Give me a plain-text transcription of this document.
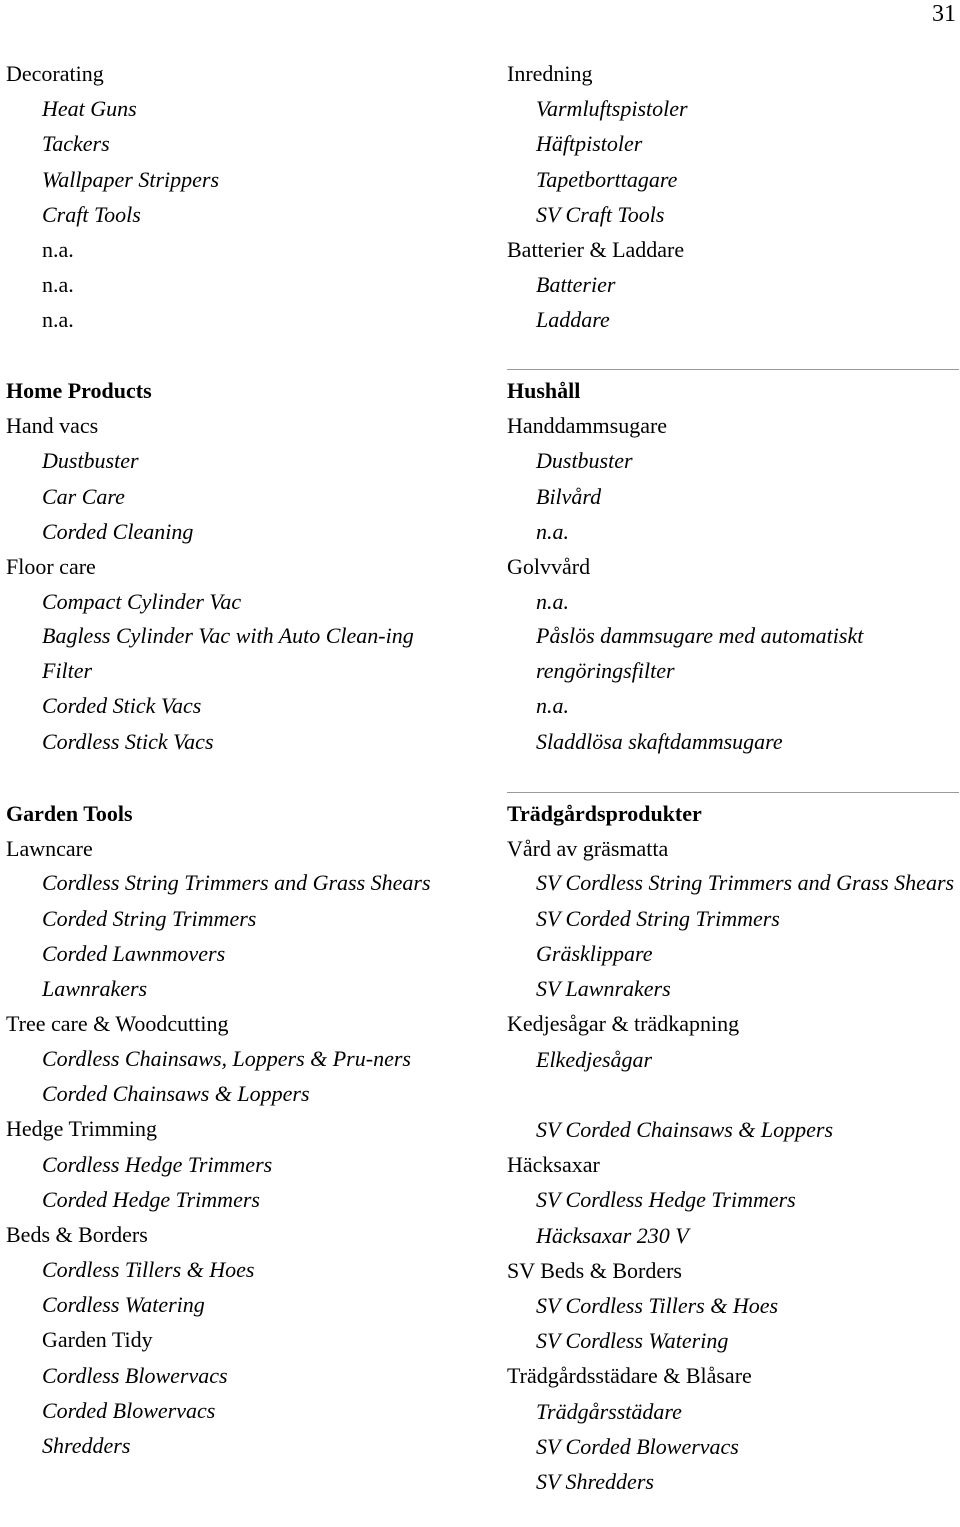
31
Decorating
Heat Guns
Tackers
Wallpaper Strippers
Craft Tools
n.a.
n.a.
n.a.
Inredning
Varmluftspistoler
Häftpistoler
Tapetborttagare
SV Craft Tools
Batterier & Laddare
Batterier
Laddare
Home Products
Hand vacs
Dustbuster
Car Care
Corded Cleaning
Floor care
Compact Cylinder Vac
Bagless Cylinder Vac with Auto Clean-ing Filter
Corded Stick Vacs
Cordless Stick Vacs
Hushåll
Handdammsugare
Dustbuster
Bilvård
n.a.
Golvvård
n.a.
Påslös dammsugare med automatiskt rengöringsfilter
n.a.
Sladdlösa skaftdammsugare
Garden Tools
Lawncare
Cordless String Trimmers and Grass Shears
Corded String Trimmers
Corded Lawnmovers
Lawnrakers
Tree care & Woodcutting
Cordless Chainsaws, Loppers & Pru-ners
Corded Chainsaws & Loppers
Hedge Trimming
Cordless Hedge Trimmers
Corded Hedge Trimmers
Beds & Borders
Cordless Tillers & Hoes
Cordless Watering
Garden Tidy
Cordless Blowervacs
Corded Blowervacs
Shredders
Trädgårdsprodukter
Vård av gräsmatta
SV Cordless String Trimmers and Grass Shears
SV Corded String Trimmers
Gräsklippare
SV Lawnrakers
Kedjesågar & trädkapning
Elkedjesågar
SV Corded Chainsaws & Loppers
Häcksaxar
SV Cordless Hedge Trimmers
Häcksaxar 230 V
SV Beds & Borders
SV Cordless Tillers & Hoes
SV Cordless Watering
Trädgårdsstädare & Blåsare
Trädgårsstädare
SV Corded Blowervacs
SV Shredders
